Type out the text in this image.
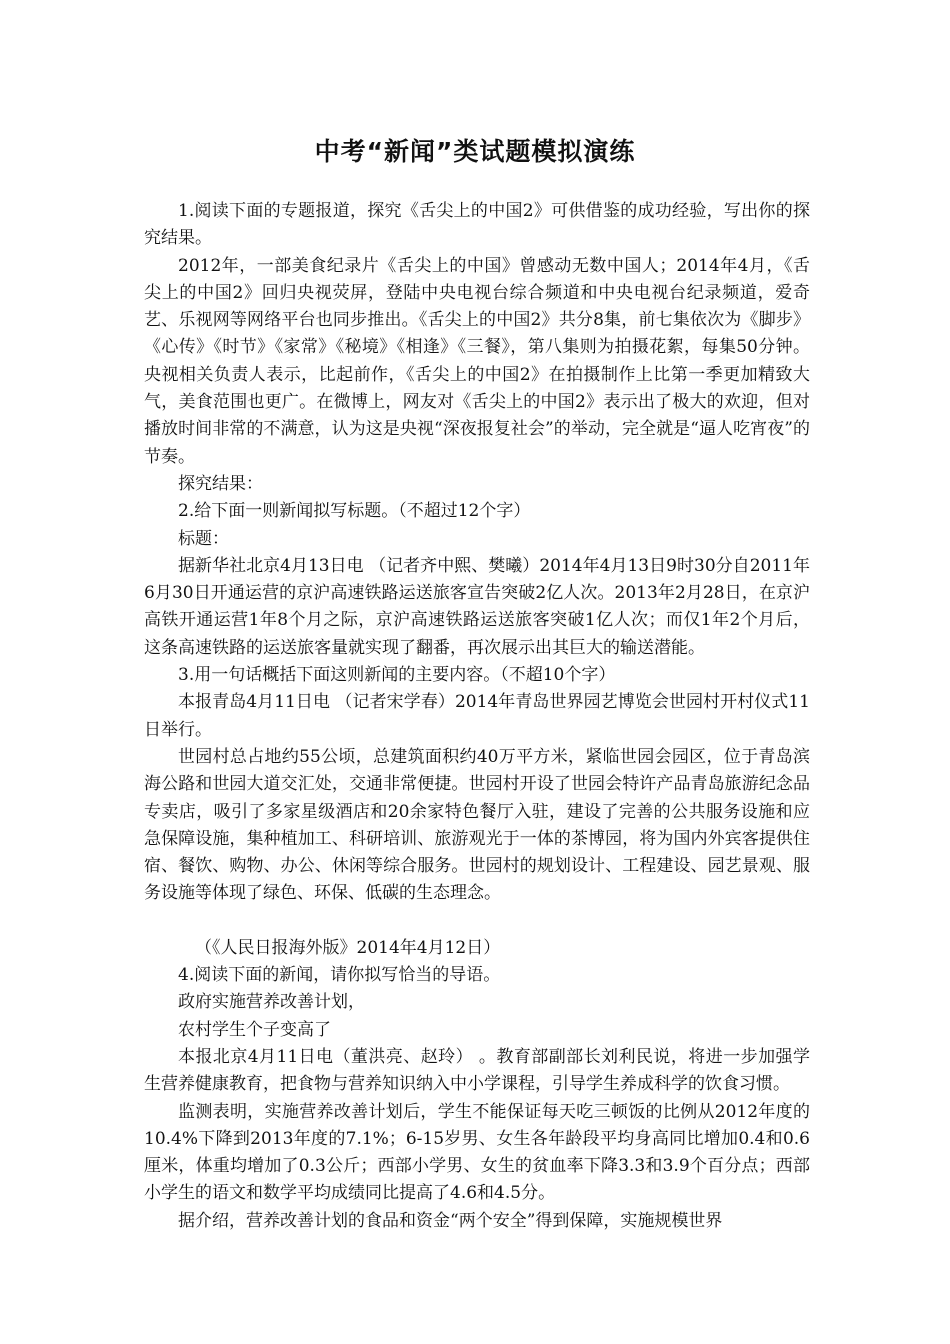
中考“新闻”类试题模拟演练

1.阅读下面的专题报道，探究《舌尖上的中国2》可供借鉴的成功经验，写出你的探究结果。

2012年，一部美食纪录片《舌尖上的中国》曾感动无数中国人；2014年4月，《舌尖上的中国2》回归央视荧屏，登陆中央电视台综合频道和中央电视台纪录频道，爱奇艺、乐视网等网络平台也同步推出。《舌尖上的中国2》共分8集，前七集依次为《脚步》《心传》《时节》《家常》《秘境》《相逢》《三餐》，第八集则为拍摄花絮，每集50分钟。央视相关负责人表示，比起前作，《舌尖上的中国2》在拍摄制作上比第一季更加精致大气，美食范围也更广。在微博上，网友对《舌尖上的中国2》表示出了极大的欢迎，但对播放时间非常的不满意，认为这是央视“深夜报复社会”的举动，完全就是“逼人吃宵夜”的节奏。

探究结果：

2.给下面一则新闻拟写标题。（不超过12个字）

标题：

据新华社北京4月13日电 （记者齐中熙、樊曦）2014年4月13日9时30分自2011年6月30日开通运营的京沪高速铁路运送旅客宣告突破2亿人次。2013年2月28日，在京沪高铁开通运营1年8个月之际，京沪高速铁路运送旅客突破1亿人次；而仅1年2个月后，这条高速铁路的运送旅客量就实现了翻番，再次展示出其巨大的输送潜能。

3.用一句话概括下面这则新闻的主要内容。（不超10个字）

本报青岛4月11日电 （记者宋学春）2014年青岛世界园艺博览会世园村开村仪式11日举行。

世园村总占地约55公顷，总建筑面积约40万平方米，紧临世园会园区，位于青岛滨海公路和世园大道交汇处，交通非常便捷。世园村开设了世园会特许产品青岛旅游纪念品专卖店，吸引了多家星级酒店和20余家特色餐厅入驻，建设了完善的公共服务设施和应急保障设施，集种植加工、科研培训、旅游观光于一体的茶博园，将为国内外宾客提供住宿、餐饮、购物、办公、休闲等综合服务。世园村的规划设计、工程建设、园艺景观、服务设施等体现了绿色、环保、低碳的生态理念。

（《人民日报海外版》2014年4月12日）

4.阅读下面的新闻，请你拟写恰当的导语。

政府实施营养改善计划，

农村学生个子变高了

本报北京4月11日电（董洪亮、赵玲） 。教育部副部长刘利民说，将进一步加强学生营养健康教育，把食物与营养知识纳入中小学课程，引导学生养成科学的饮食习惯。

监测表明，实施营养改善计划后，学生不能保证每天吃三顿饭的比例从2012年度的10.4%下降到2013年度的7.1%；6-15岁男、女生各年龄段平均身高同比增加0.4和0.6厘米，体重均增加了0.3公斤；西部小学男、女生的贫血率下降3.3和3.9个百分点；西部小学生的语文和数学平均成绩同比提高了4.6和4.5分。

据介绍，营养改善计划的食品和资金“两个安全”得到保障，实施规模世界
